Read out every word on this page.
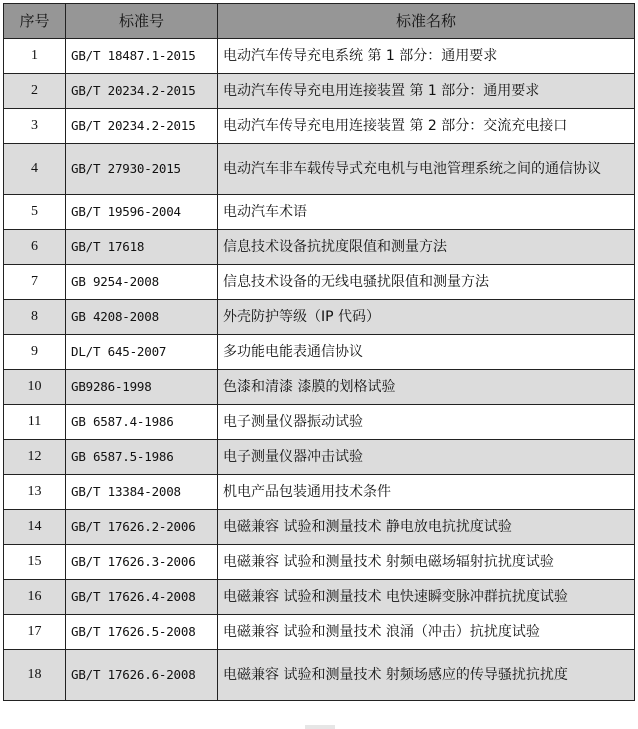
序号	标准号	标准名称
1	GB/T 18487.1-2015	电动汽车传导充电系统 第 1 部分：通用要求
2	GB/T 20234.2-2015	电动汽车传导充电用连接装置 第 1 部分：通用要求
3	GB/T 20234.2-2015	电动汽车传导充电用连接装置 第 2 部分：交流充电接口
4	GB/T 27930-2015	电动汽车非车载传导式充电机与电池管理系统之间的通信协议
5	GB/T 19596-2004	电动汽车术语
6	GB/T 17618	信息技术设备抗扰度限值和测量方法
7	GB 9254-2008	信息技术设备的无线电骚扰限值和测量方法
8	GB 4208-2008	外壳防护等级（IP 代码）
9	DL/T 645-2007	多功能电能表通信协议
10	GB9286-1998	色漆和清漆 漆膜的划格试验
11	GB 6587.4-1986	电子测量仪器振动试验
12	GB 6587.5-1986	电子测量仪器冲击试验
13	GB/T 13384-2008	机电产品包装通用技术条件
14	GB/T 17626.2-2006	电磁兼容 试验和测量技术 静电放电抗扰度试验
15	GB/T 17626.3-2006	电磁兼容 试验和测量技术 射频电磁场辐射抗扰度试验
16	GB/T 17626.4-2008	电磁兼容 试验和测量技术 电快速瞬变脉冲群抗扰度试验
17	GB/T 17626.5-2008	电磁兼容 试验和测量技术 浪涌（冲击）抗扰度试验
18	GB/T 17626.6-2008	电磁兼容 试验和测量技术 射频场感应的传导骚扰抗扰度
